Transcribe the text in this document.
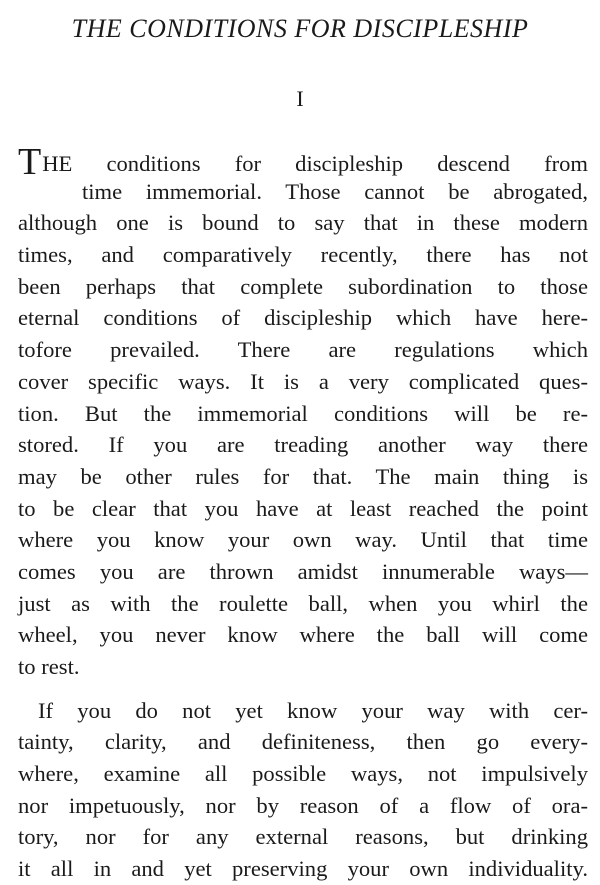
THE CONDITIONS FOR DISCIPLESHIP
I
THE conditions for discipleship descend from
time immemorial. Those cannot be abrogated,
although one is bound to say that in these modern
times, and comparatively recently, there has not
been perhaps that complete subordination to those
eternal conditions of discipleship which have here-
tofore prevailed. There are regulations which
cover specific ways. It is a very complicated ques-
tion. But the immemorial conditions will be re-
stored. If you are treading another way there
may be other rules for that. The main thing is
to be clear that you have at least reached the point
where you know your own way. Until that time
comes you are thrown amidst innumerable ways—
just as with the roulette ball, when you whirl the
wheel, you never know where the ball will come
to rest.
If you do not yet know your way with cer-
tainty, clarity, and definiteness, then go every-
where, examine all possible ways, not impulsively
nor impetuously, nor by reason of a flow of ora-
tory, nor for any external reasons, but drinking
it all in and yet preserving your own individuality.
